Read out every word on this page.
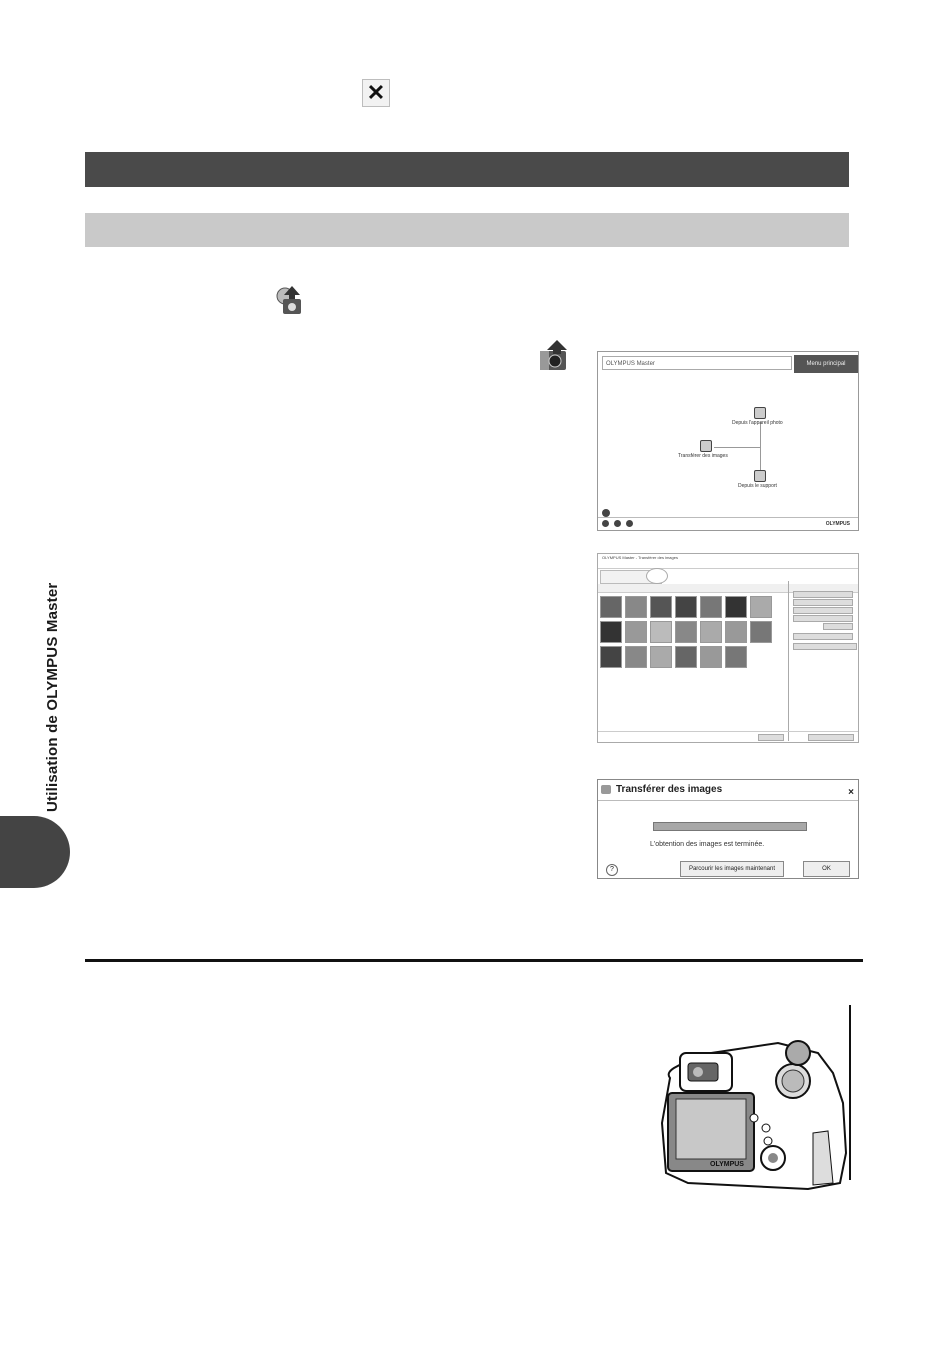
✕
Utilisation de OLYMPUS Master
OLYMPUS Master	Menu principal
Depuis l'appareil photo
Transférer des images
Depuis le support
OLYMPUS
OLYMPUS Master - Transférer des images
Transférer des images	×
L'obtention des images est terminée.
?	Parcourir les images maintenant	OK
OLYMPUS
